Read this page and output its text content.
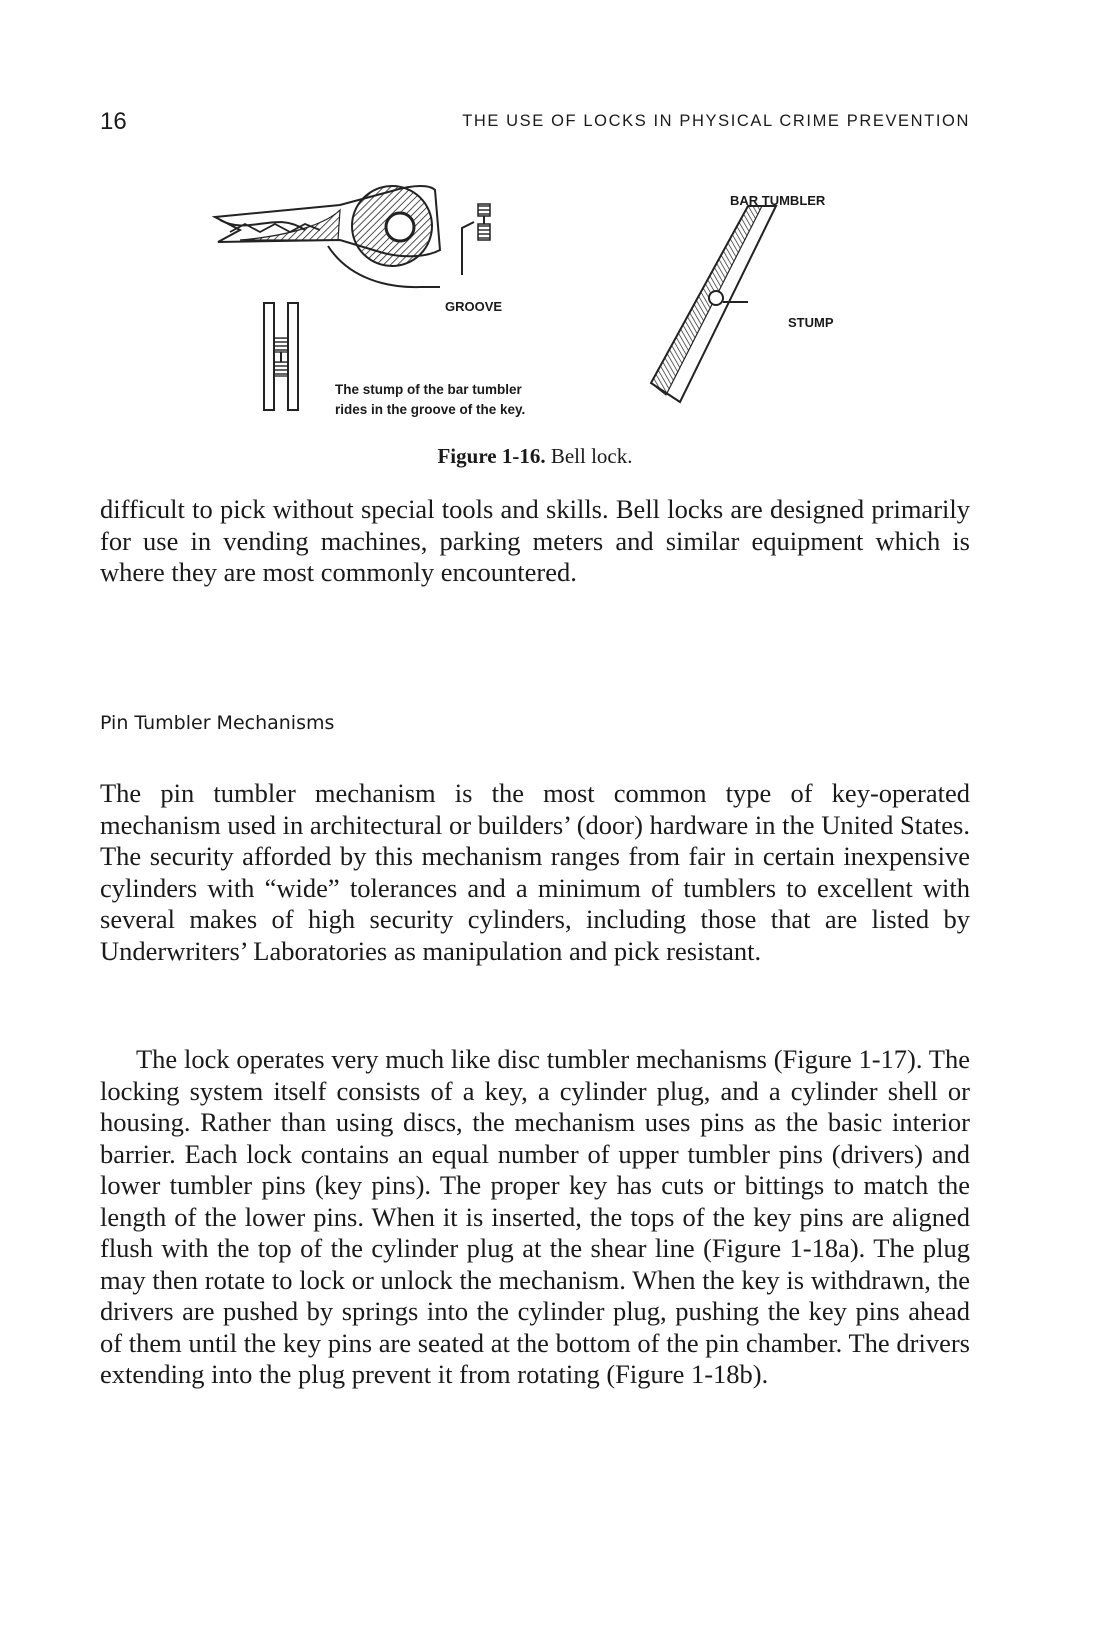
16	THE USE OF LOCKS IN PHYSICAL CRIME PREVENTION
BAR TUMBLER
STUMP
GROOVE
The stump of the bar tumbler
rides in the groove of the key.
Figure 1-16. Bell lock.

difficult to pick without special tools and skills. Bell locks are designed primarily for use in vending machines, parking meters and similar equipment which is where they are most commonly encountered.

Pin Tumbler Mechanisms

The pin tumbler mechanism is the most common type of key-operated mechanism used in architectural or builders’ (door) hardware in the United States. The security afforded by this mechanism ranges from fair in certain inexpensive cylinders with “wide” tolerances and a minimum of tumblers to excellent with several makes of high security cylinders, including those that are listed by Underwriters’ Laboratories as manipulation and pick resistant.

The lock operates very much like disc tumbler mechanisms (Figure 1-17). The locking system itself consists of a key, a cylinder plug, and a cylinder shell or housing. Rather than using discs, the mechanism uses pins as the basic interior barrier. Each lock contains an equal number of upper tumbler pins (drivers) and lower tumbler pins (key pins). The proper key has cuts or bittings to match the length of the lower pins. When it is inserted, the tops of the key pins are aligned flush with the top of the cylinder plug at the shear line (Figure 1-18a). The plug may then rotate to lock or unlock the mechanism. When the key is withdrawn, the drivers are pushed by springs into the cylinder plug, pushing the key pins ahead of them until the key pins are seated at the bottom of the pin chamber. The drivers extending into the plug prevent it from rotating (Figure 1-18b).
